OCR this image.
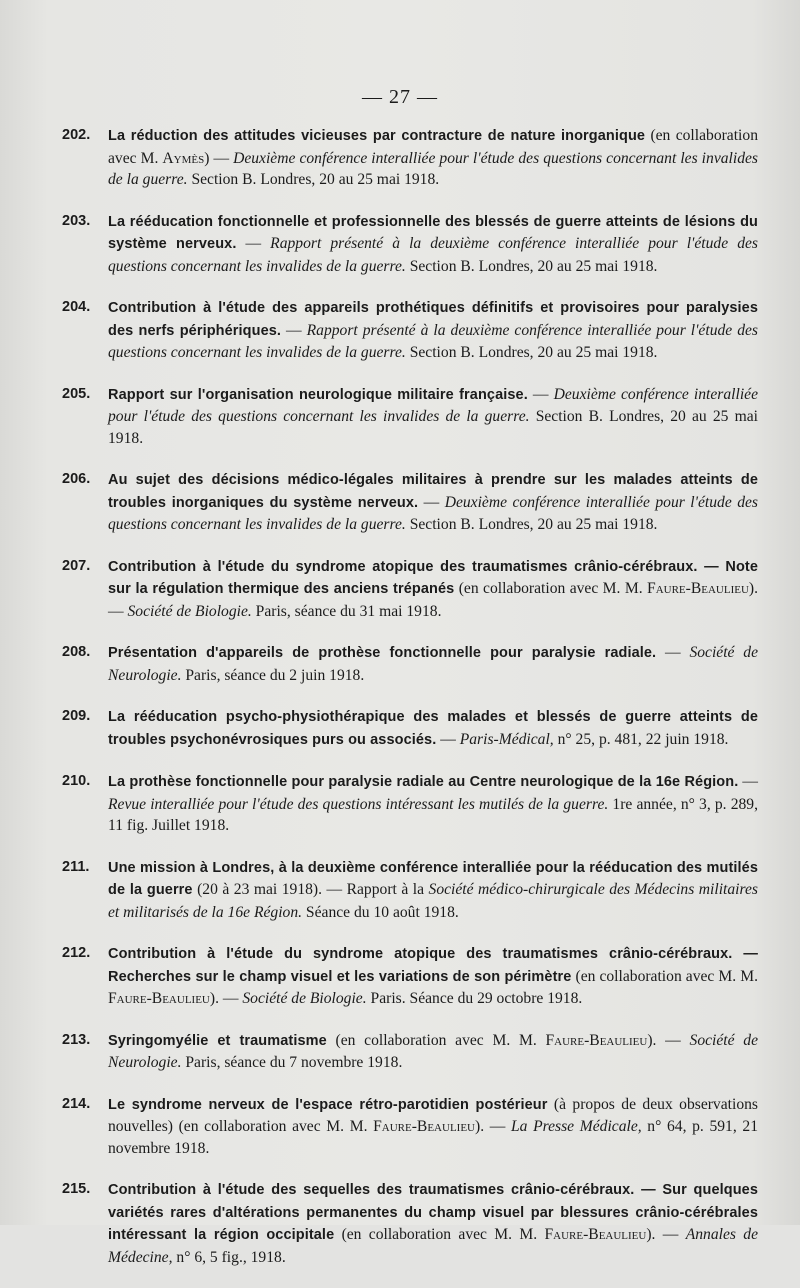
— 27 —
202.	La réduction des attitudes vicieuses par contracture de nature inorganique (en collaboration avec M. Aymès) — Deuxième conférence interalliée pour l'étude des questions concernant les invalides de la guerre. Section B. Londres, 20 au 25 mai 1918.
203.	La rééducation fonctionnelle et professionnelle des blessés de guerre atteints de lésions du système nerveux. — Rapport présenté à la deuxième conférence interalliée pour l'étude des questions concernant les invalides de la guerre. Section B. Londres, 20 au 25 mai 1918.
204.	Contribution à l'étude des appareils prothétiques définitifs et provisoires pour paralysies des nerfs périphériques. — Rapport présenté à la deuxième conférence interalliée pour l'étude des questions concernant les invalides de la guerre. Section B. Londres, 20 au 25 mai 1918.
205.	Rapport sur l'organisation neurologique militaire française. — Deuxième conférence interalliée pour l'étude des questions concernant les invalides de la guerre. Section B. Londres, 20 au 25 mai 1918.
206.	Au sujet des décisions médico-légales militaires à prendre sur les malades atteints de troubles inorganiques du système nerveux. — Deuxième conférence interalliée pour l'étude des questions concernant les invalides de la guerre. Section B. Londres, 20 au 25 mai 1918.
207.	Contribution à l'étude du syndrome atopique des traumatismes crânio-cérébraux. — Note sur la régulation thermique des anciens trépanés (en collaboration avec M. M. Faure-Beaulieu). — Société de Biologie. Paris, séance du 31 mai 1918.
208.	Présentation d'appareils de prothèse fonctionnelle pour paralysie radiale. — Société de Neurologie. Paris, séance du 2 juin 1918.
209.	La rééducation psycho-physiothérapique des malades et blessés de guerre atteints de troubles psychonévrosiques purs ou associés. — Paris-Médical, n° 25, p. 481, 22 juin 1918.
210.	La prothèse fonctionnelle pour paralysie radiale au Centre neurologique de la 16e Région. — Revue interalliée pour l'étude des questions intéressant les mutilés de la guerre. 1re année, n° 3, p. 289, 11 fig. Juillet 1918.
211.	Une mission à Londres, à la deuxième conférence interalliée pour la rééducation des mutilés de la guerre (20 à 23 mai 1918). — Rapport à la Société médico-chirurgicale des Médecins militaires et militarisés de la 16e Région. Séance du 10 août 1918.
212.	Contribution à l'étude du syndrome atopique des traumatismes crânio-cérébraux. — Recherches sur le champ visuel et les variations de son périmètre (en collaboration avec M. M. Faure-Beaulieu). — Société de Biologie. Paris. Séance du 29 octobre 1918.
213.	Syringomyélie et traumatisme (en collaboration avec M. M. Faure-Beaulieu). — Société de Neurologie. Paris, séance du 7 novembre 1918.
214.	Le syndrome nerveux de l'espace rétro-parotidien postérieur (à propos de deux observations nouvelles) (en collaboration avec M. M. Faure-Beaulieu). — La Presse Médicale, n° 64, p. 591, 21 novembre 1918.
215.	Contribution à l'étude des sequelles des traumatismes crânio-cérébraux. — Sur quelques variétés rares d'altérations permanentes du champ visuel par blessures crânio-cérébrales intéressant la région occipitale (en collaboration avec M. M. Faure-Beaulieu). — Annales de Médecine, n° 6, 5 fig., 1918.
